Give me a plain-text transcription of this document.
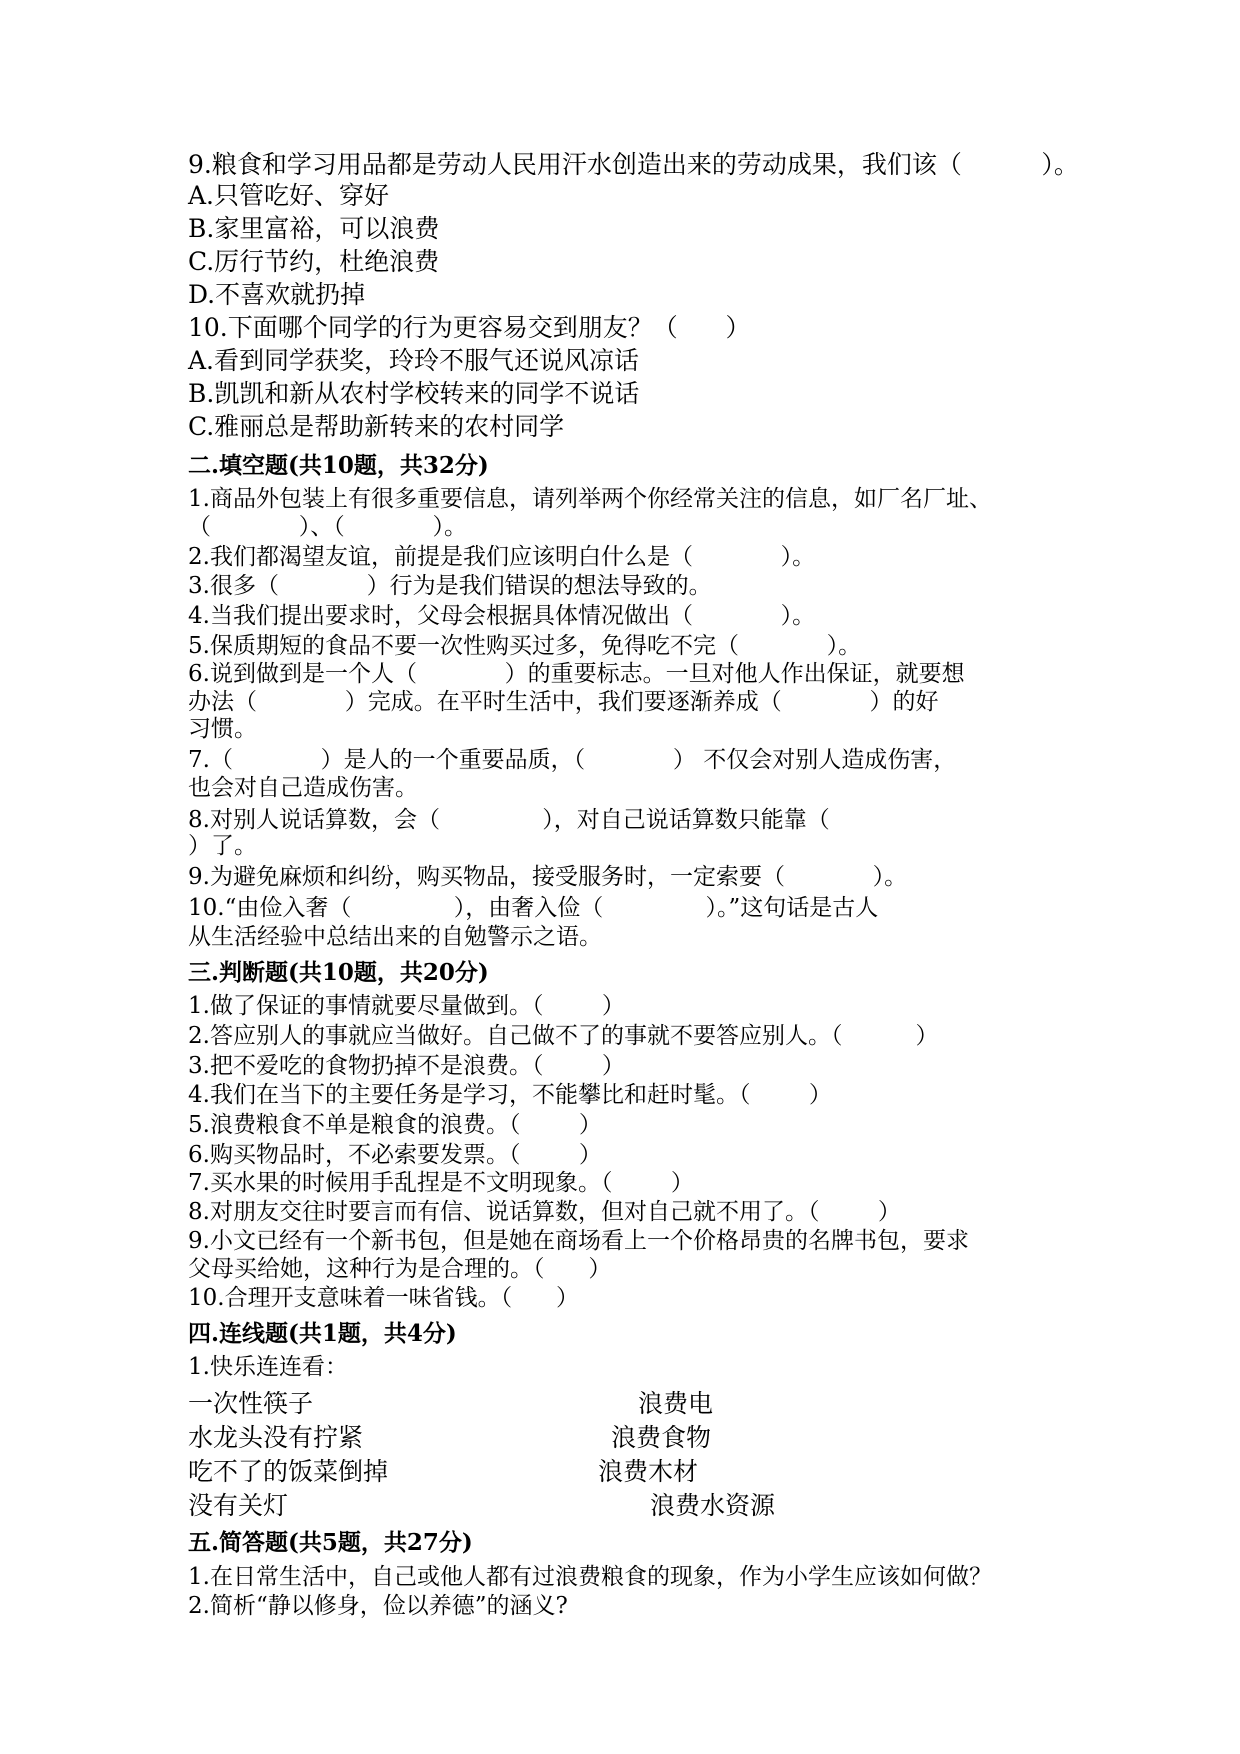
9.粮食和学习用品都是劳动人民用汗水创造出来的劳动成果，我们该（          ）。
A.只管吃好、穿好
B.家里富裕，可以浪费
C.厉行节约，杜绝浪费
D.不喜欢就扔掉
10.下面哪个同学的行为更容易交到朋友？（      ）
A.看到同学获奖，玲玲不服气还说风凉话
B.凯凯和新从农村学校转来的同学不说话
C.雅丽总是帮助新转来的农村同学
二.填空题(共10题，共32分)
1.商品外包装上有很多重要信息，请列举两个你经常关注的信息，如厂名厂址、
（            ）、（            ）。
2.我们都渴望友谊，前提是我们应该明白什么是（            ）。
3.很多（            ）行为是我们错误的想法导致的。
4.当我们提出要求时，父母会根据具体情况做出（            ）。
5.保质期短的食品不要一次性购买过多，免得吃不完（            ）。
6.说到做到是一个人（            ）的重要标志。一旦对他人作出保证，就要想
办法（            ）完成。在平时生活中，我们要逐渐养成（            ）的好
习惯。
7.（            ）是人的一个重要品质，（            ） 不仅会对别人造成伤害，
也会对自己造成伤害。
8.对别人说话算数，会（              ），对自己说话算数只能靠（
）了。
9.为避免麻烦和纠纷，购买物品，接受服务时，一定索要（            ）。
10.“由俭入奢（              ），由奢入俭（              ）。”这句话是古人
从生活经验中总结出来的自勉警示之语。
三.判断题(共10题，共20分)
1.做了保证的事情就要尽量做到。（        ）
2.答应别人的事就应当做好。自己做不了的事就不要答应别人。（          ）
3.把不爱吃的食物扔掉不是浪费。（        ）
4.我们在当下的主要任务是学习，不能攀比和赶时髦。（        ）
5.浪费粮食不单是粮食的浪费。（        ）
6.购买物品时，不必索要发票。（        ）
7.买水果的时候用手乱捏是不文明现象。（        ）
8.对朋友交往时要言而有信、说话算数，但对自己就不用了。（        ）
9.小文已经有一个新书包，但是她在商场看上一个价格昂贵的名牌书包，要求
父母买给她，这种行为是合理的。（      ）
10.合理开支意味着一味省钱。（      ）
四.连线题(共1题，共4分)
1.快乐连连看：
一次性筷子
水龙头没有拧紧
吃不了的饭菜倒掉
没有关灯
浪费电
浪费食物
浪费木材
浪费水资源
五.简答题(共5题，共27分)
1.在日常生活中，自己或他人都有过浪费粮食的现象，作为小学生应该如何做？
2.简析“静以修身，俭以养德”的涵义?
